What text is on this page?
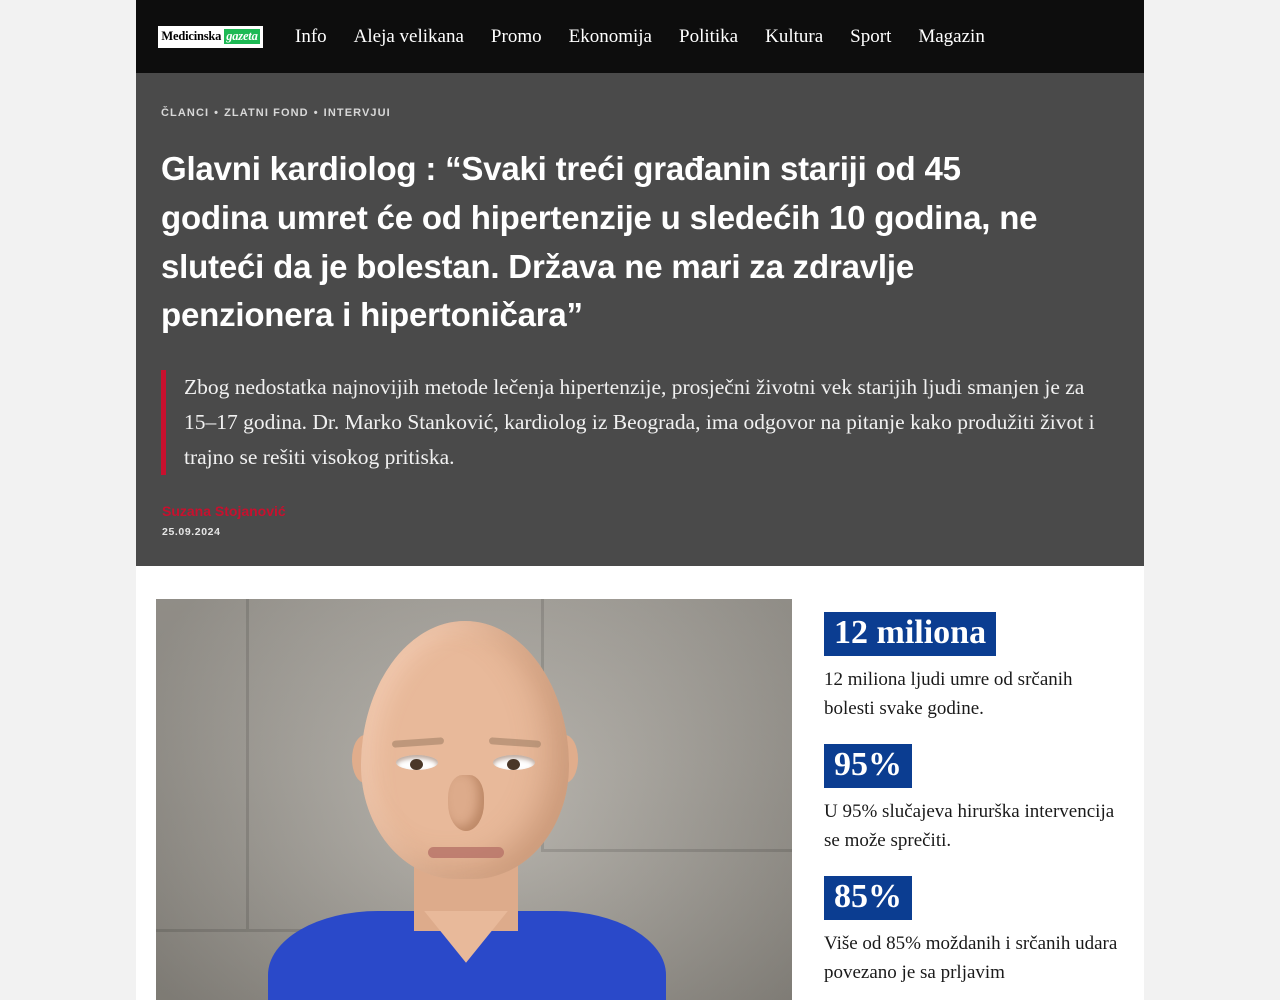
Medicinska gazeta Info Aleja velikana Promo Ekonomija Politika Kultura Sport Magazin
ČLANCI • ZLATNI FOND • INTERVJUI
Glavni kardiolog : “Svaki treći građanin stariji od 45 godina umret će od hipertenzije u sledećih 10 godina, ne sluteći da je bolestan. Država ne mari za zdravlje penzionera i hipertoničara”
Zbog nedostatka najnovijih metode lečenja hipertenzije, prosječni životni vek starijih ljudi smanjen je za 15–17 godina. Dr. Marko Stanković, kardiolog iz Beograda, ima odgovor na pitanje kako produžiti život i trajno se rešiti visokog pritiska.
Suzana Stojanović
25.09.2024
12 miliona

12 miliona ljudi umre od srčanih bolesti svake godine.

95%

U 95% slučajeva hirurška intervencija se može sprečiti.

85%

Više od 85% moždanih i srčanih udara povezano je sa prljavim
